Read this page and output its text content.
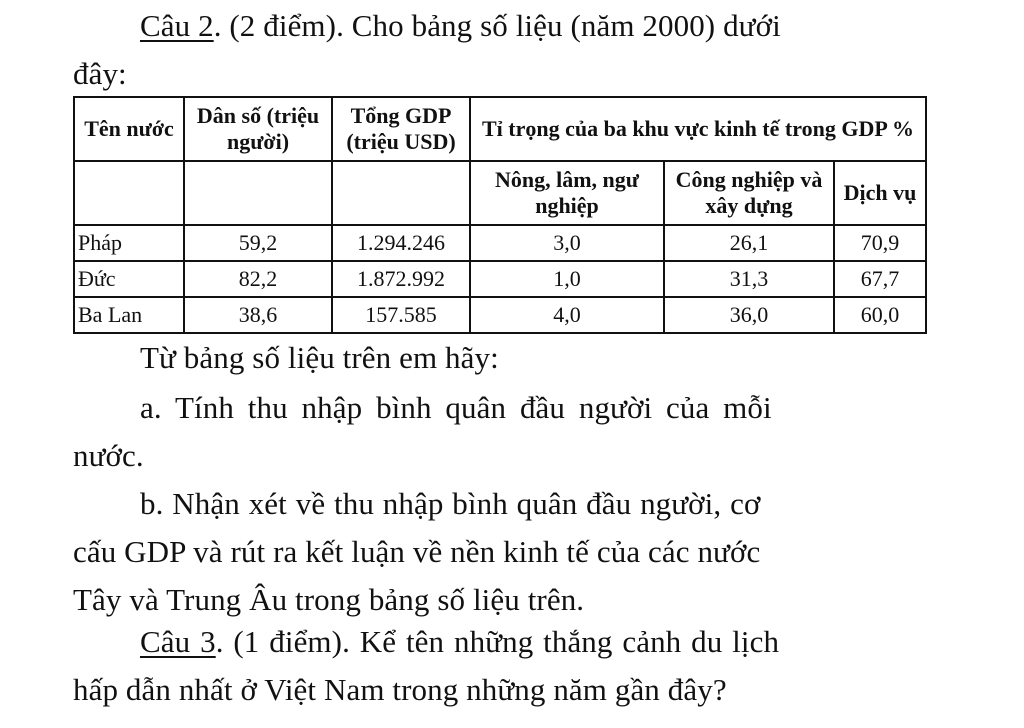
Câu 2. (2 điểm). Cho bảng số liệu (năm 2000) dưới
đây:
Tên nước	Dân số (triệu người)	Tổng GDP (triệu USD)	Tỉ trọng của ba khu vực kinh tế trong GDP %		
			Nông, lâm, ngư nghiệp	Công nghiệp và xây dựng	Dịch vụ
Pháp	59,2	1.294.246	3,0	26,1	70,9
Đức	82,2	1.872.992	1,0	31,3	67,7
Ba Lan	38,6	157.585	4,0	36,0	60,0
Từ bảng số liệu trên em hãy:
a. Tính thu nhập bình quân đầu người của mỗi
nước.
b. Nhận xét về thu nhập bình quân đầu người, cơ
cấu GDP và rút ra kết luận về nền kinh tế của các nước
Tây và Trung Âu trong bảng số liệu trên.
Câu 3. (1 điểm). Kể tên những thắng cảnh du lịch
hấp dẫn nhất ở Việt Nam trong những năm gần đây?
